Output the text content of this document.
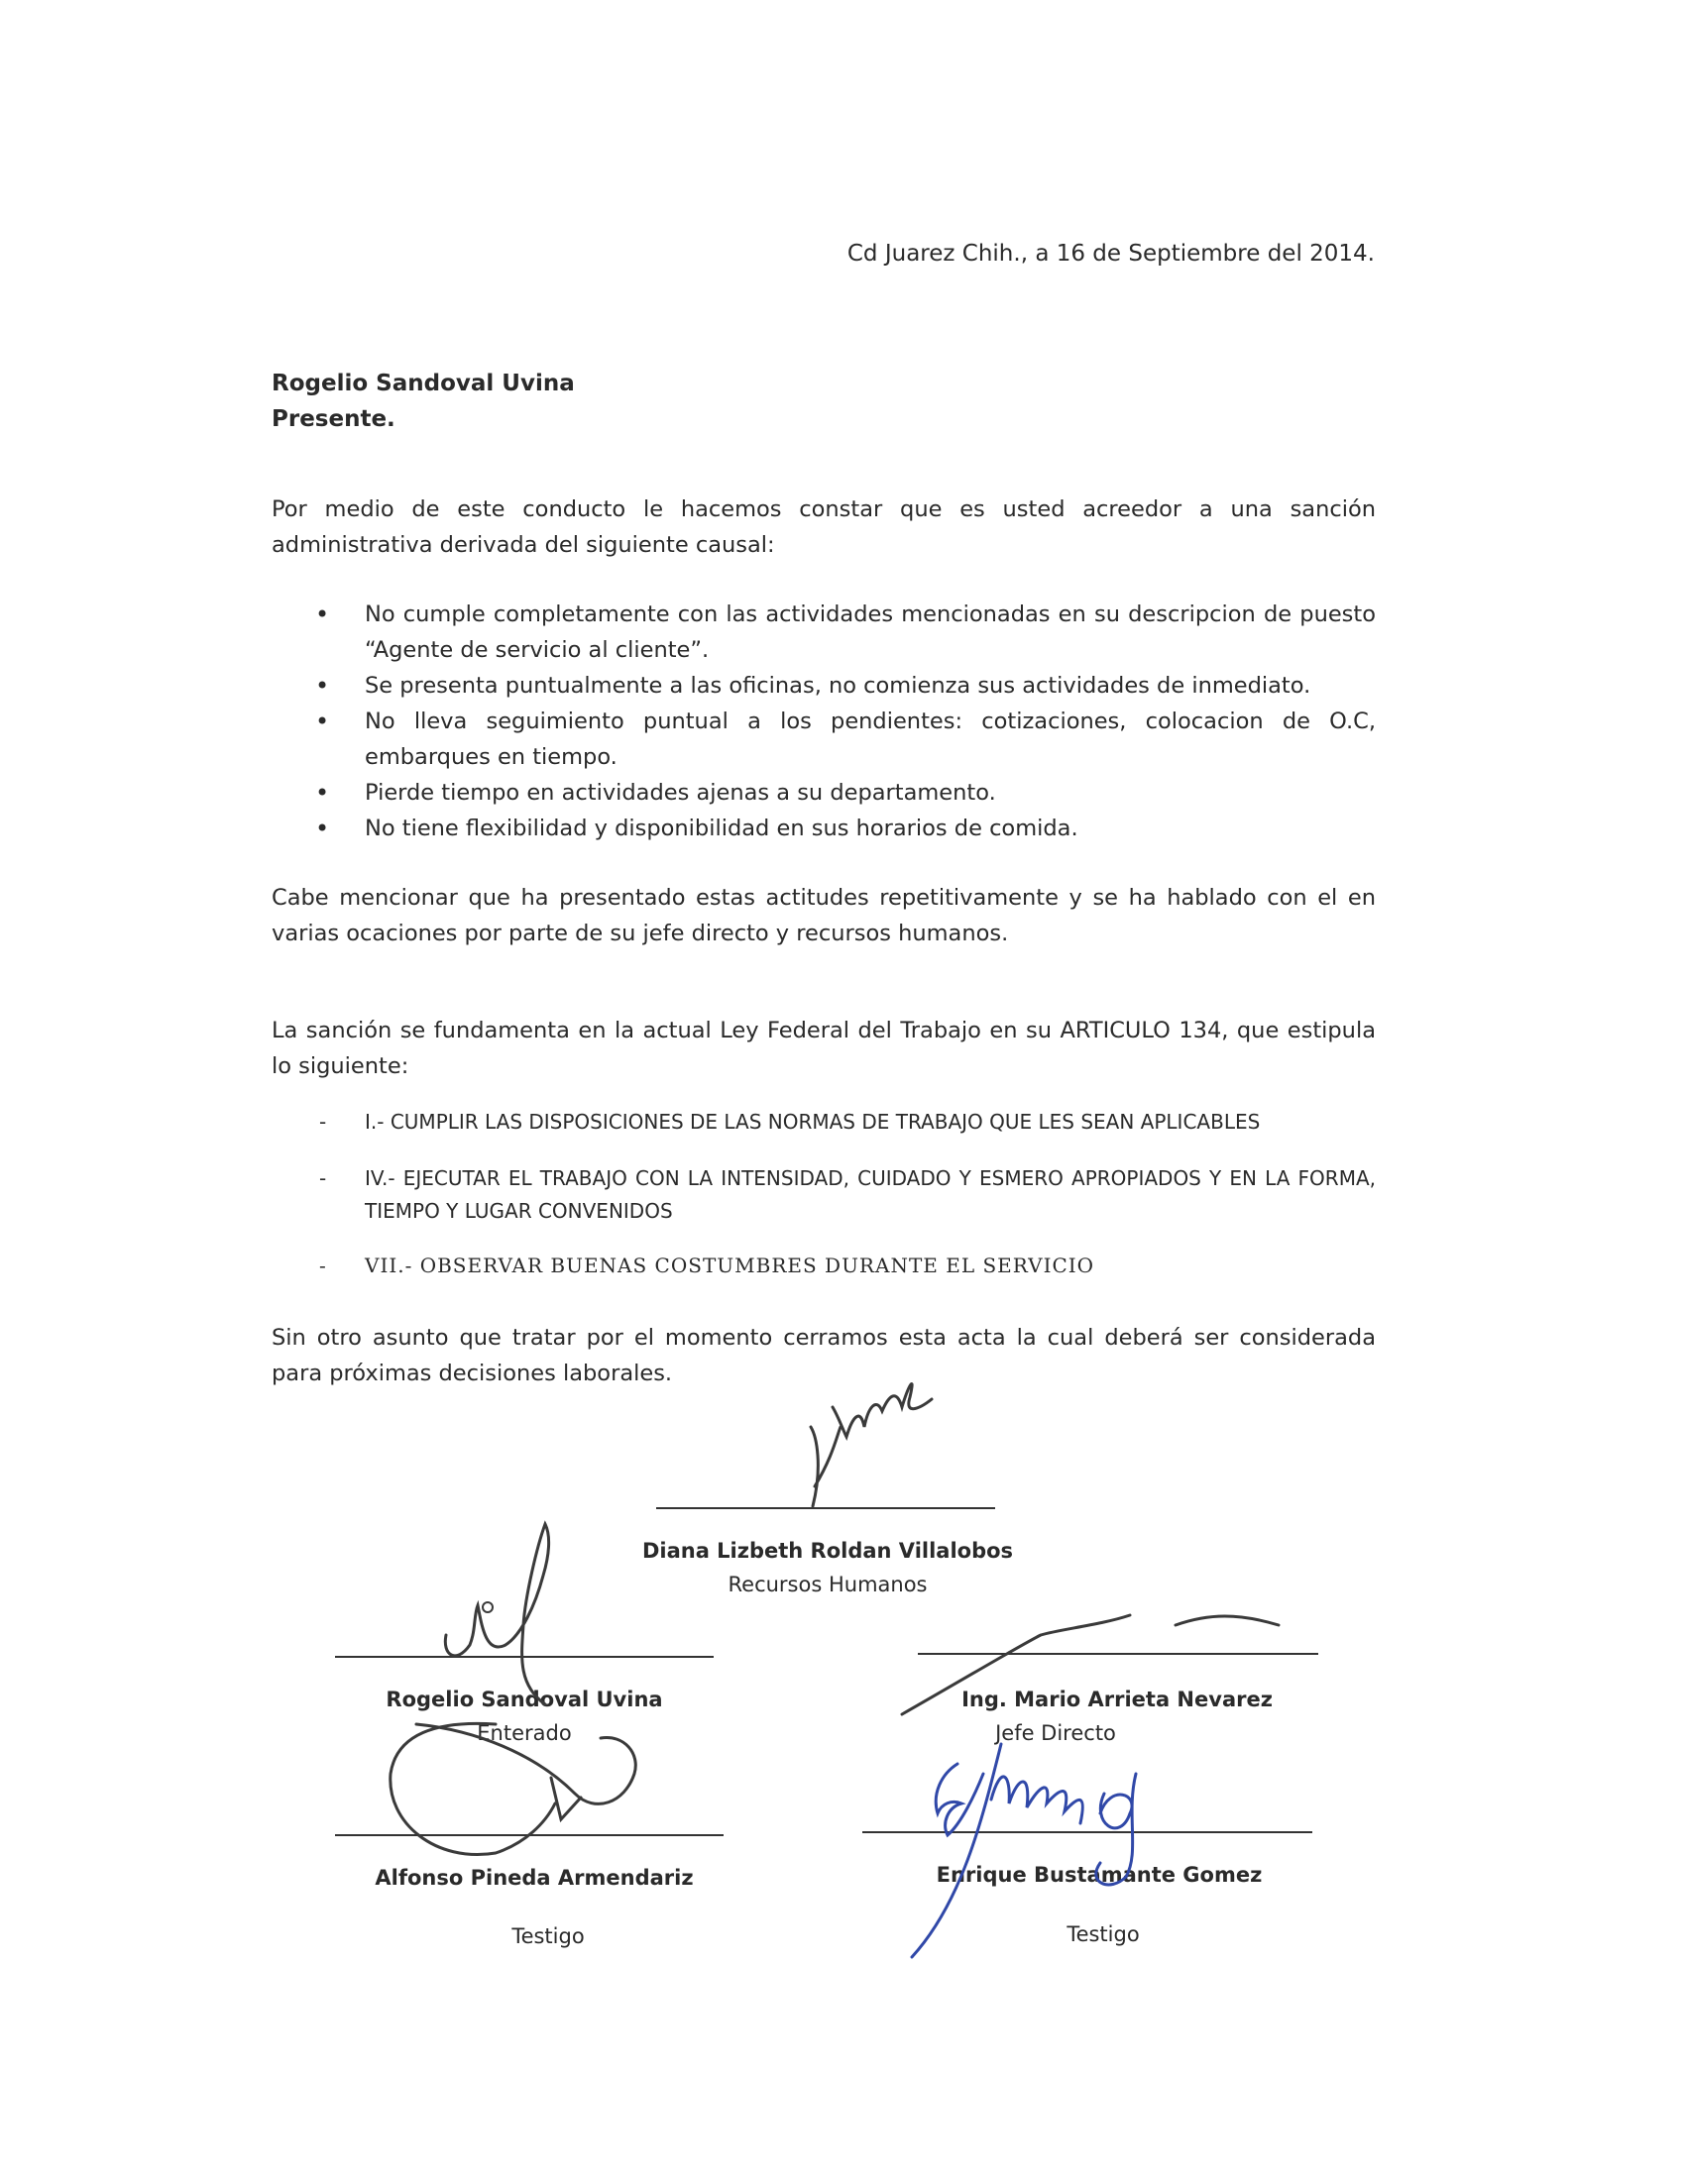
Cd Juarez Chih., a 16 de Septiembre del 2014.
Rogelio Sandoval Uvina
Presente.
Por medio de este conducto le hacemos constar que es usted acreedor a una sanción administrativa derivada del siguiente causal:
• No cumple completamente con las actividades mencionadas en su descripcion de puesto “Agente de servicio al cliente”.
• Se presenta puntualmente a las oficinas, no comienza sus actividades de inmediato.
• No lleva seguimiento puntual a los pendientes: cotizaciones, colocacion de O.C, embarques en tiempo.
• Pierde tiempo en actividades ajenas a su departamento.
• No tiene flexibilidad y disponibilidad en sus horarios de comida.
Cabe mencionar que ha presentado estas actitudes repetitivamente y se ha hablado con el en varias ocaciones por parte de su jefe directo y recursos humanos.
La sanción se fundamenta en la actual Ley Federal del Trabajo en su ARTICULO 134, que estipula lo siguiente:
- I.- CUMPLIR LAS DISPOSICIONES DE LAS NORMAS DE TRABAJO QUE LES SEAN APLICABLES
- IV.- EJECUTAR EL TRABAJO CON LA INTENSIDAD, CUIDADO Y ESMERO APROPIADOS Y EN LA FORMA, TIEMPO Y LUGAR CONVENIDOS
- VII.- OBSERVAR BUENAS COSTUMBRES DURANTE EL SERVICIO
Sin otro asunto que tratar por el momento cerramos esta acta la cual deberá ser considerada para próximas decisiones laborales.
Diana Lizbeth Roldan Villalobos
Recursos Humanos
Rogelio Sandoval Uvina
Enterado
Ing. Mario Arrieta Nevarez
Jefe Directo
Alfonso Pineda Armendariz
Testigo
Enrique Bustamante Gomez
Testigo
